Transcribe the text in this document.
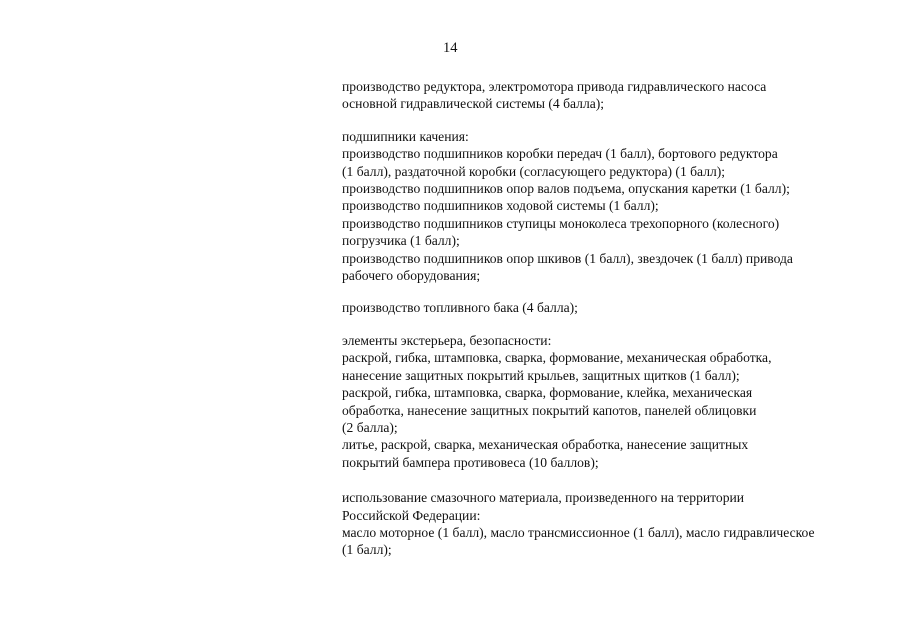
14
производство редуктора, электромотора привода гидравлического насоса
основной гидравлической системы (4 балла);
подшипники качения:
производство подшипников коробки передач (1 балл), бортового редуктора
(1 балл), раздаточной коробки (согласующего редуктора) (1 балл);
производство подшипников опор валов подъема, опускания каретки (1 балл);
производство подшипников ходовой системы (1 балл);
производство подшипников ступицы моноколеса трехопорного (колесного)
погрузчика (1 балл);
производство подшипников опор шкивов (1 балл), звездочек (1 балл) привода
рабочего оборудования;
производство топливного бака (4 балла);
элементы экстерьера, безопасности:
раскрой, гибка, штамповка, сварка, формование, механическая обработка,
нанесение защитных покрытий крыльев, защитных щитков (1 балл);
раскрой, гибка, штамповка, сварка, формование, клейка, механическая
обработка, нанесение защитных покрытий капотов, панелей облицовки
(2 балла);
литье, раскрой, сварка, механическая обработка, нанесение защитных
покрытий бампера противовеса (10 баллов);
использование смазочного материала, произведенного на территории
Российской Федерации:
масло моторное (1 балл), масло трансмиссионное (1 балл), масло гидравлическое
(1 балл);
